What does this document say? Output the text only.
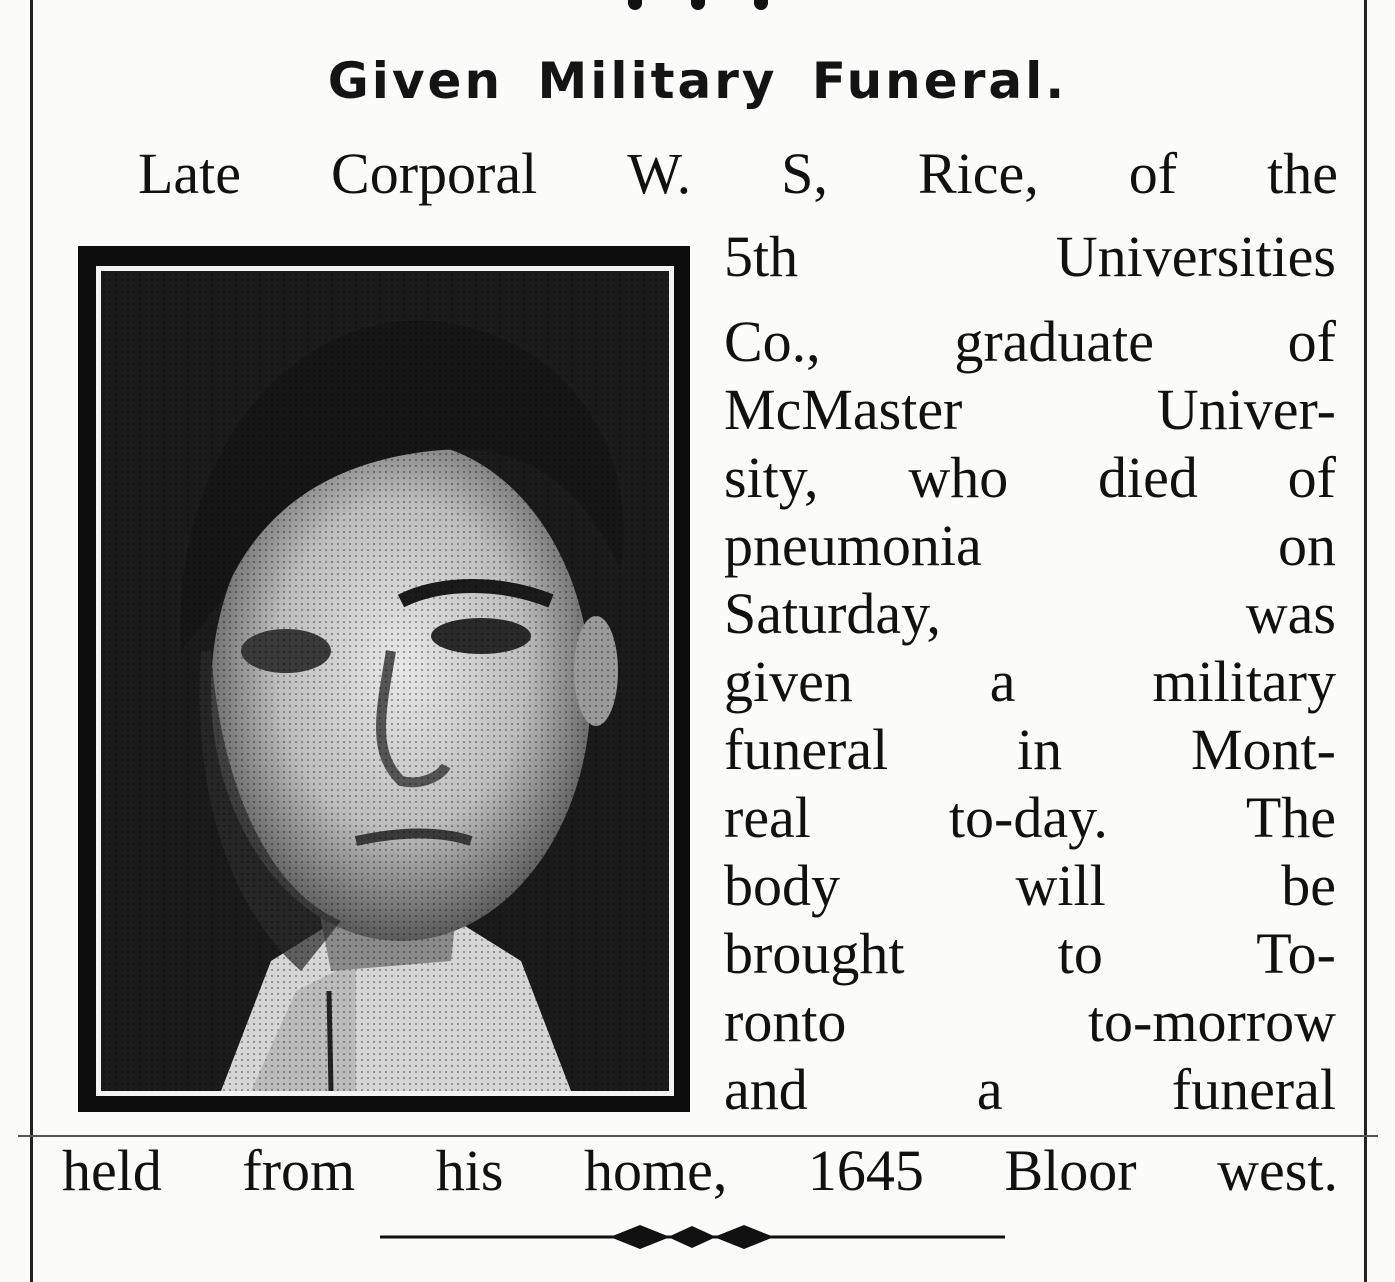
Given Military Funeral.
Late Corporal W. S, Rice, of the
5th	Universities
Co., graduate of
McMaster	Univer-
sity, who died of
pneumonia	on
Saturday,	was
given a military
funeral in Mont-
real to-day. The
body	will	be
brought	to	To-
ronto	to-morrow
and	a	funeral
held from his home, 1645 Bloor west.
